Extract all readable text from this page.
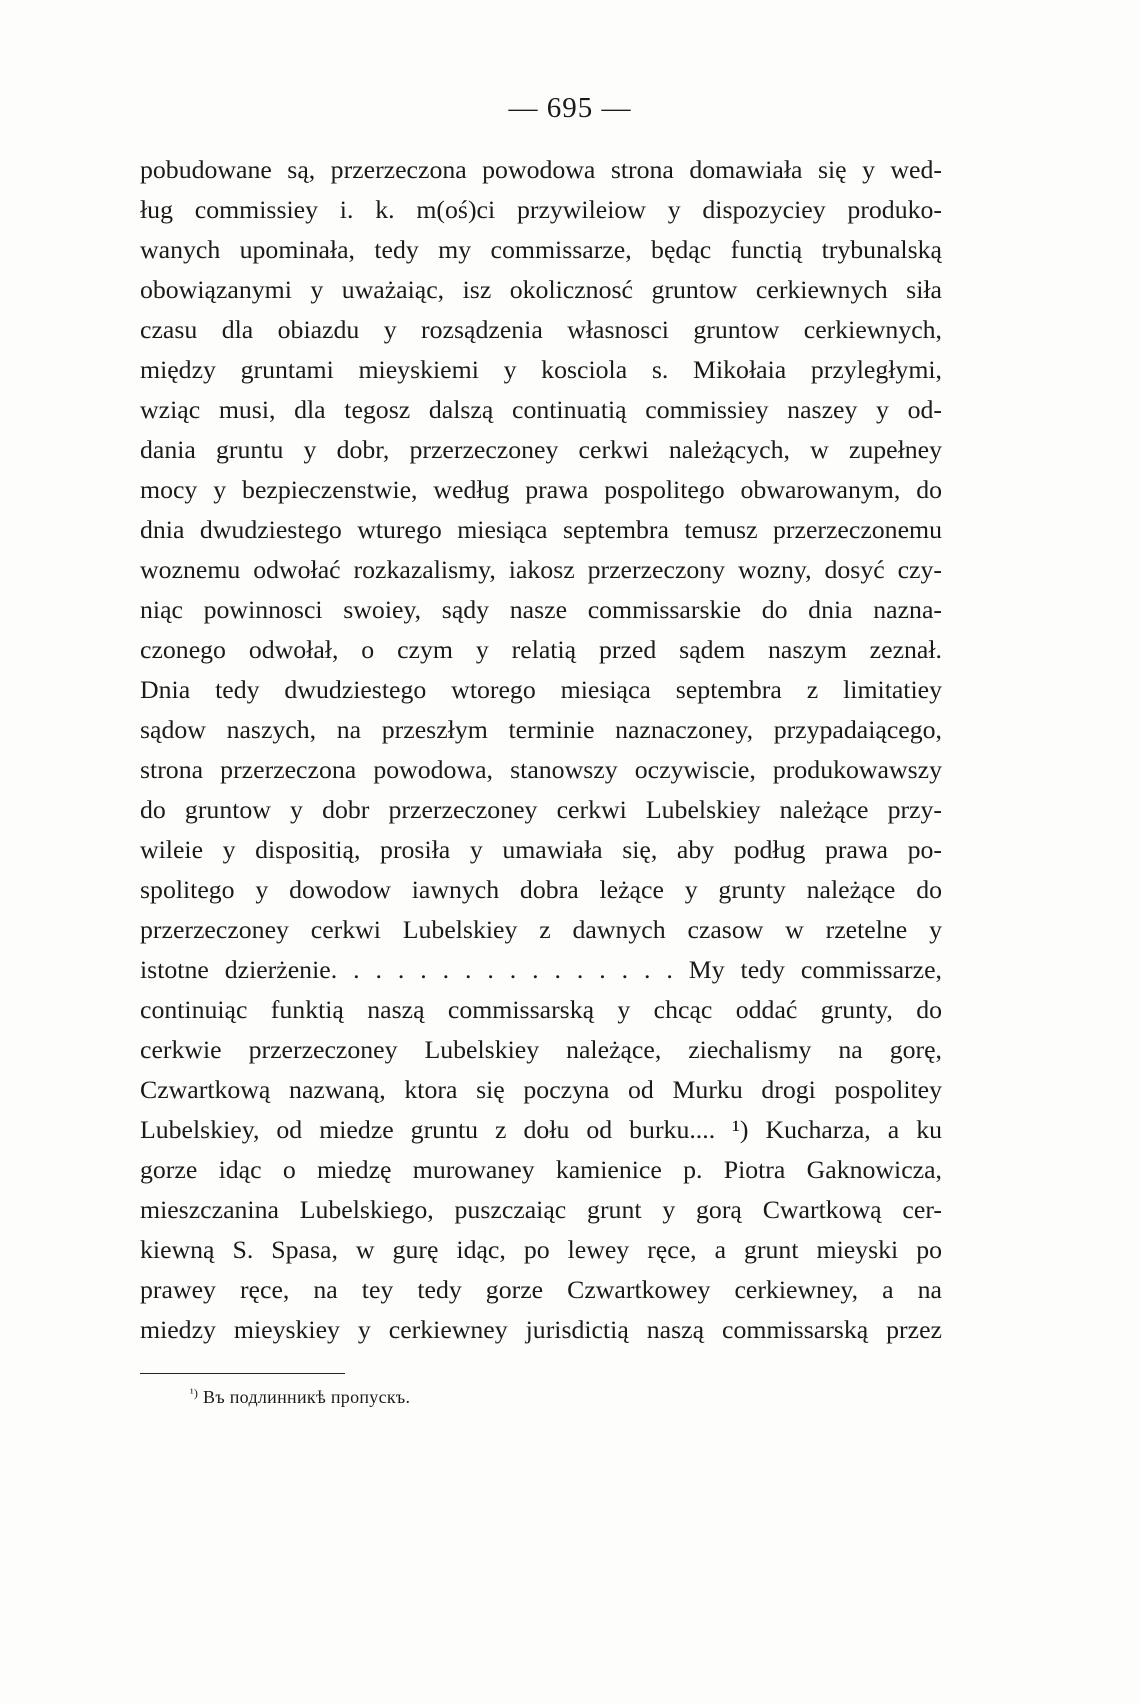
— 695 —
pobudowane są, przerzeczona powodowa strona domawiała się y wed-
ług commissiey i. k. m(oś)ci przywileiow y dispozyciey produko-
wanych upominała, tedy my commissarze, będąc functią trybunalską
obowiązanymi y uważaiąc, isz okolicznosć gruntow cerkiewnych siła
czasu dla obiazdu y rozsądzenia własnosci gruntow cerkiewnych,
między gruntami mieyskiemi y kosciola s. Mikołaia przyległymi,
wziąc musi, dla tegosz dalszą continuatią commissiey naszey y od-
dania gruntu y dobr, przerzeczoney cerkwi należących, w zupełney
mocy y bezpieczenstwie, według prawa pospolitego obwarowanym, do
dnia dwudziestego wturego miesiąca septembra temusz przerzeczonemu
woznemu odwołać rozkazalismy, iakosz przerzeczony wozny, dosyć czy-
niąc powinnosci swoiey, sądy nasze commissarskie do dnia nazna-
czonego odwołał, o czym y relatią przed sądem naszym zeznał.
Dnia tedy dwudziestego wtorego miesiąca septembra z limitatiey
sądow naszych, na przeszłym terminie naznaczoney, przypadaiącego,
strona przerzeczona powodowa, stanowszy oczywiscie, produkowawszy
do gruntow y dobr przerzeczoney cerkwi Lubelskiey należące przy-
wileie y dispositią, prosiła y umawiała się, aby podług prawa po-
spolitego y dowodow iawnych dobra leżące y grunty należące do
przerzeczoney cerkwi Lubelskiey z dawnych czasow w rzetelne y
istotne dzierżenie. . . . . . . . . . . . . . . . My tedy commissarze,
continuiąc funktią naszą commissarską y chcąc oddać grunty, do
cerkwie przerzeczoney Lubelskiey należące, ziechalismy na gorę,
Czwartkową nazwaną, ktora się poczyna od Murku drogi pospolitey
Lubelskiey, od miedze gruntu z dołu od burku.... ¹) Kucharza, a ku
gorze idąc o miedzę murowaney kamienice p. Piotra Gaknowicza,
mieszczanina Lubelskiego, puszczaiąc grunt y gorą Cwartkową cer-
kiewną S. Spasa, w gurę idąc, po lewey ręce, a grunt mieyski po
prawey ręce, na tey tedy gorze Czwartkowey cerkiewney, a na
miedzy mieyskiey y cerkiewney jurisdictią naszą commissarską przez
$^{^1)}$ Въ подлинникѣ пропускъ.
